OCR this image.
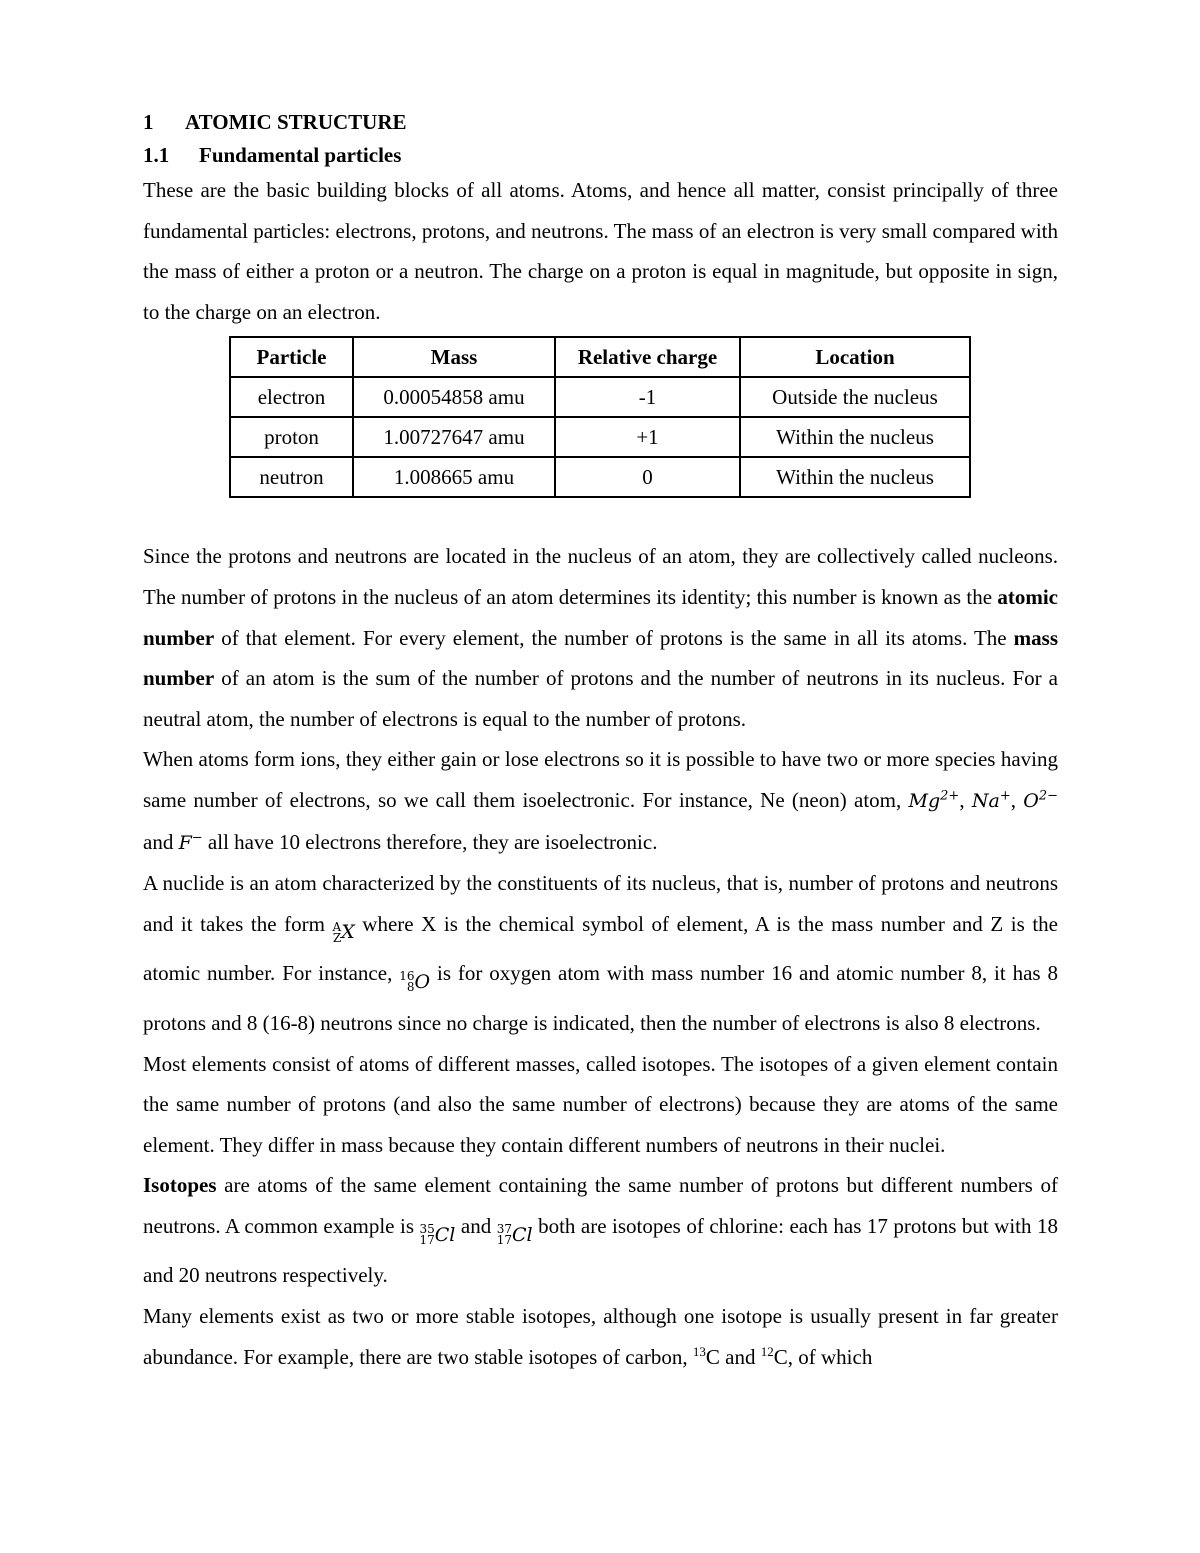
1 ATOMIC STRUCTURE
1.1 Fundamental particles

These are the basic building blocks of all atoms. Atoms, and hence all matter, consist principally of three fundamental particles: electrons, protons, and neutrons. The mass of an electron is very small compared with the mass of either a proton or a neutron. The charge on a proton is equal in magnitude, but opposite in sign, to the charge on an electron.

Particle	Mass	Relative charge	Location
electron	0.00054858 amu	-1	Outside the nucleus
proton	1.00727647 amu	+1	Within the nucleus
neutron	1.008665 amu	0	Within the nucleus

Since the protons and neutrons are located in the nucleus of an atom, they are collectively called nucleons. The number of protons in the nucleus of an atom determines its identity; this number is known as the atomic number of that element. For every element, the number of protons is the same in all its atoms. The mass number of an atom is the sum of the number of protons and the number of neutrons in its nucleus. For a neutral atom, the number of electrons is equal to the number of protons.

When atoms form ions, they either gain or lose electrons so it is possible to have two or more species having same number of electrons, so we call them isoelectronic. For instance, Ne (neon) atom, $Mg^{2+}$, Na+, $O^{2-}$ and F− all have 10 electrons therefore, they are isoelectronic.

A nuclide is an atom characterized by the constituents of its nucleus, that is, number of protons and neutrons and it takes the form A
Z X where X is the chemical symbol of element, A is the mass number and Z is the atomic number. For instance, 16
8 O is for oxygen atom with mass number 16 and atomic number 8, it has 8 protons and 8 (16-8) neutrons since no charge is indicated, then the number of electrons is also 8 electrons.

Most elements consist of atoms of different masses, called isotopes. The isotopes of a given element contain the same number of protons (and also the same number of electrons) because they are atoms of the same element. They differ in mass because they contain different numbers of neutrons in their nuclei.

Isotopes are atoms of the same element containing the same number of protons but different numbers of neutrons. A common example is 35
17 Cl and 37
17 Cl both are isotopes of chlorine: each has 17 protons but with 18 and 20 neutrons respectively.

Many elements exist as two or more stable isotopes, although one isotope is usually present in far greater abundance. For example, there are two stable isotopes of carbon, $^{13}$C and $^{12}$C, of which
